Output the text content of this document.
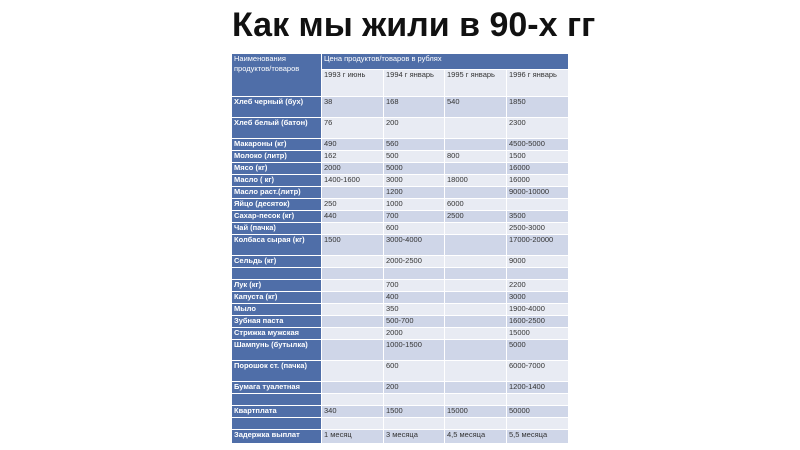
Как мы жили в 90-х гг
Наименования продуктов/товаров	Цена продуктов/товаров в рублях			
	1993 г июнь	1994 г январь	1995 г январь	1996 г январь
Хлеб черный (бух)	38	168	540	1850
Хлеб белый (батон)	76	200		2300
Макароны (кг)	490	560		4500-5000
Молоко (литр)	162	500	800	1500
Мясо (кг)	2000	5000		16000
Масло ( кг)	1400-1600	3000	18000	16000
Масло раст.(литр)		1200		9000-10000
Яйцо (десяток)	250	1000	6000	
Сахар-песок (кг)	440	700	2500	3500
Чай (пачка)		600		2500-3000
Колбаса сырая (кг)	1500	3000-4000		17000-20000
Сельдь (кг)		2000-2500		9000

Лук (кг)		700		2200
Капуста (кг)		400		3000
Мыло		350		1900-4000
Зубная паста		500-700		1600-2500
Стрижка мужская		2000		15000
Шампунь (бутылка)		1000-1500		5000
Порошок ст. (пачка)		600		6000-7000
Бумага туалетная		200		1200-1400

Квартплата	340	1500	15000	50000

Задержка выплат	1 месяц	3 месяца	4,5 месяца	5,5 месяца
